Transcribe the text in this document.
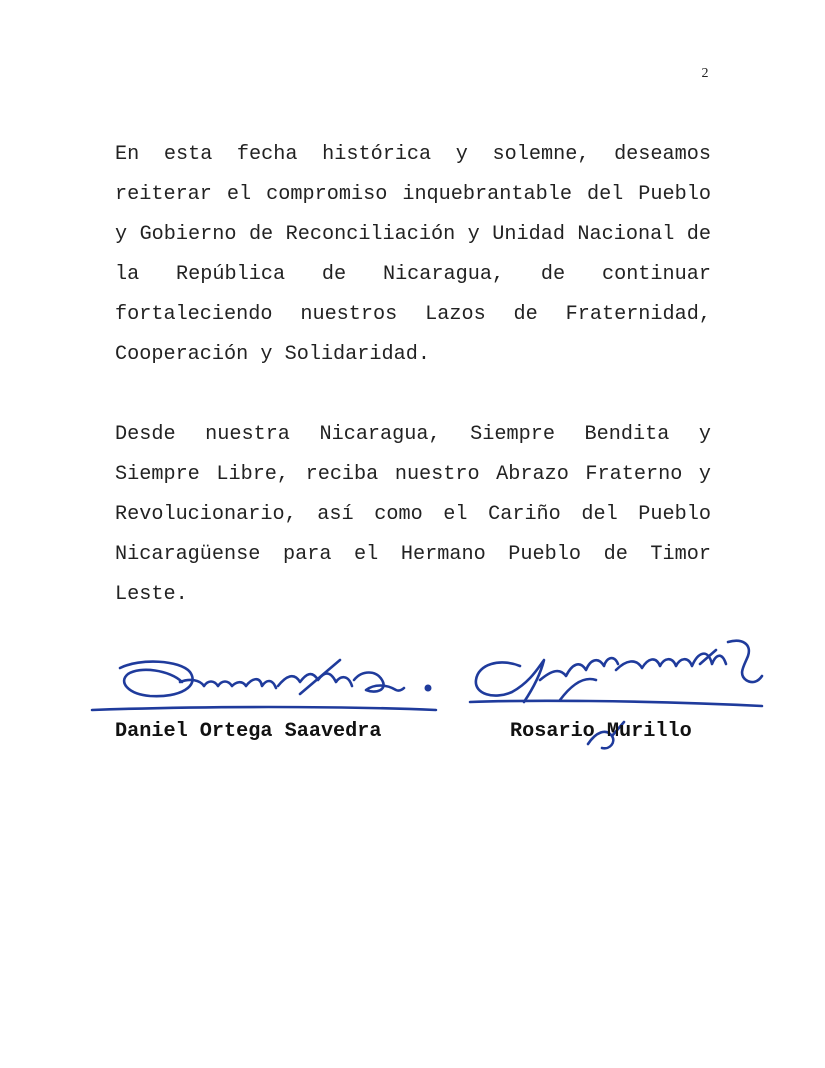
2

En esta fecha histórica y solemne, deseamos reiterar el compromiso inquebrantable del Pueblo y Gobierno de Reconciliación y Unidad Nacional de la República de Nicaragua, de continuar fortaleciendo nuestros Lazos de Fraternidad, Cooperación y Solidaridad.

Desde nuestra Nicaragua, Siempre Bendita y Siempre Libre, reciba nuestro Abrazo Fraterno y Revolucionario, así como el Cariño del Pueblo Nicaragüense para el Hermano Pueblo de Timor Leste.

Daniel Ortega Saavedra	Rosario Murillo
